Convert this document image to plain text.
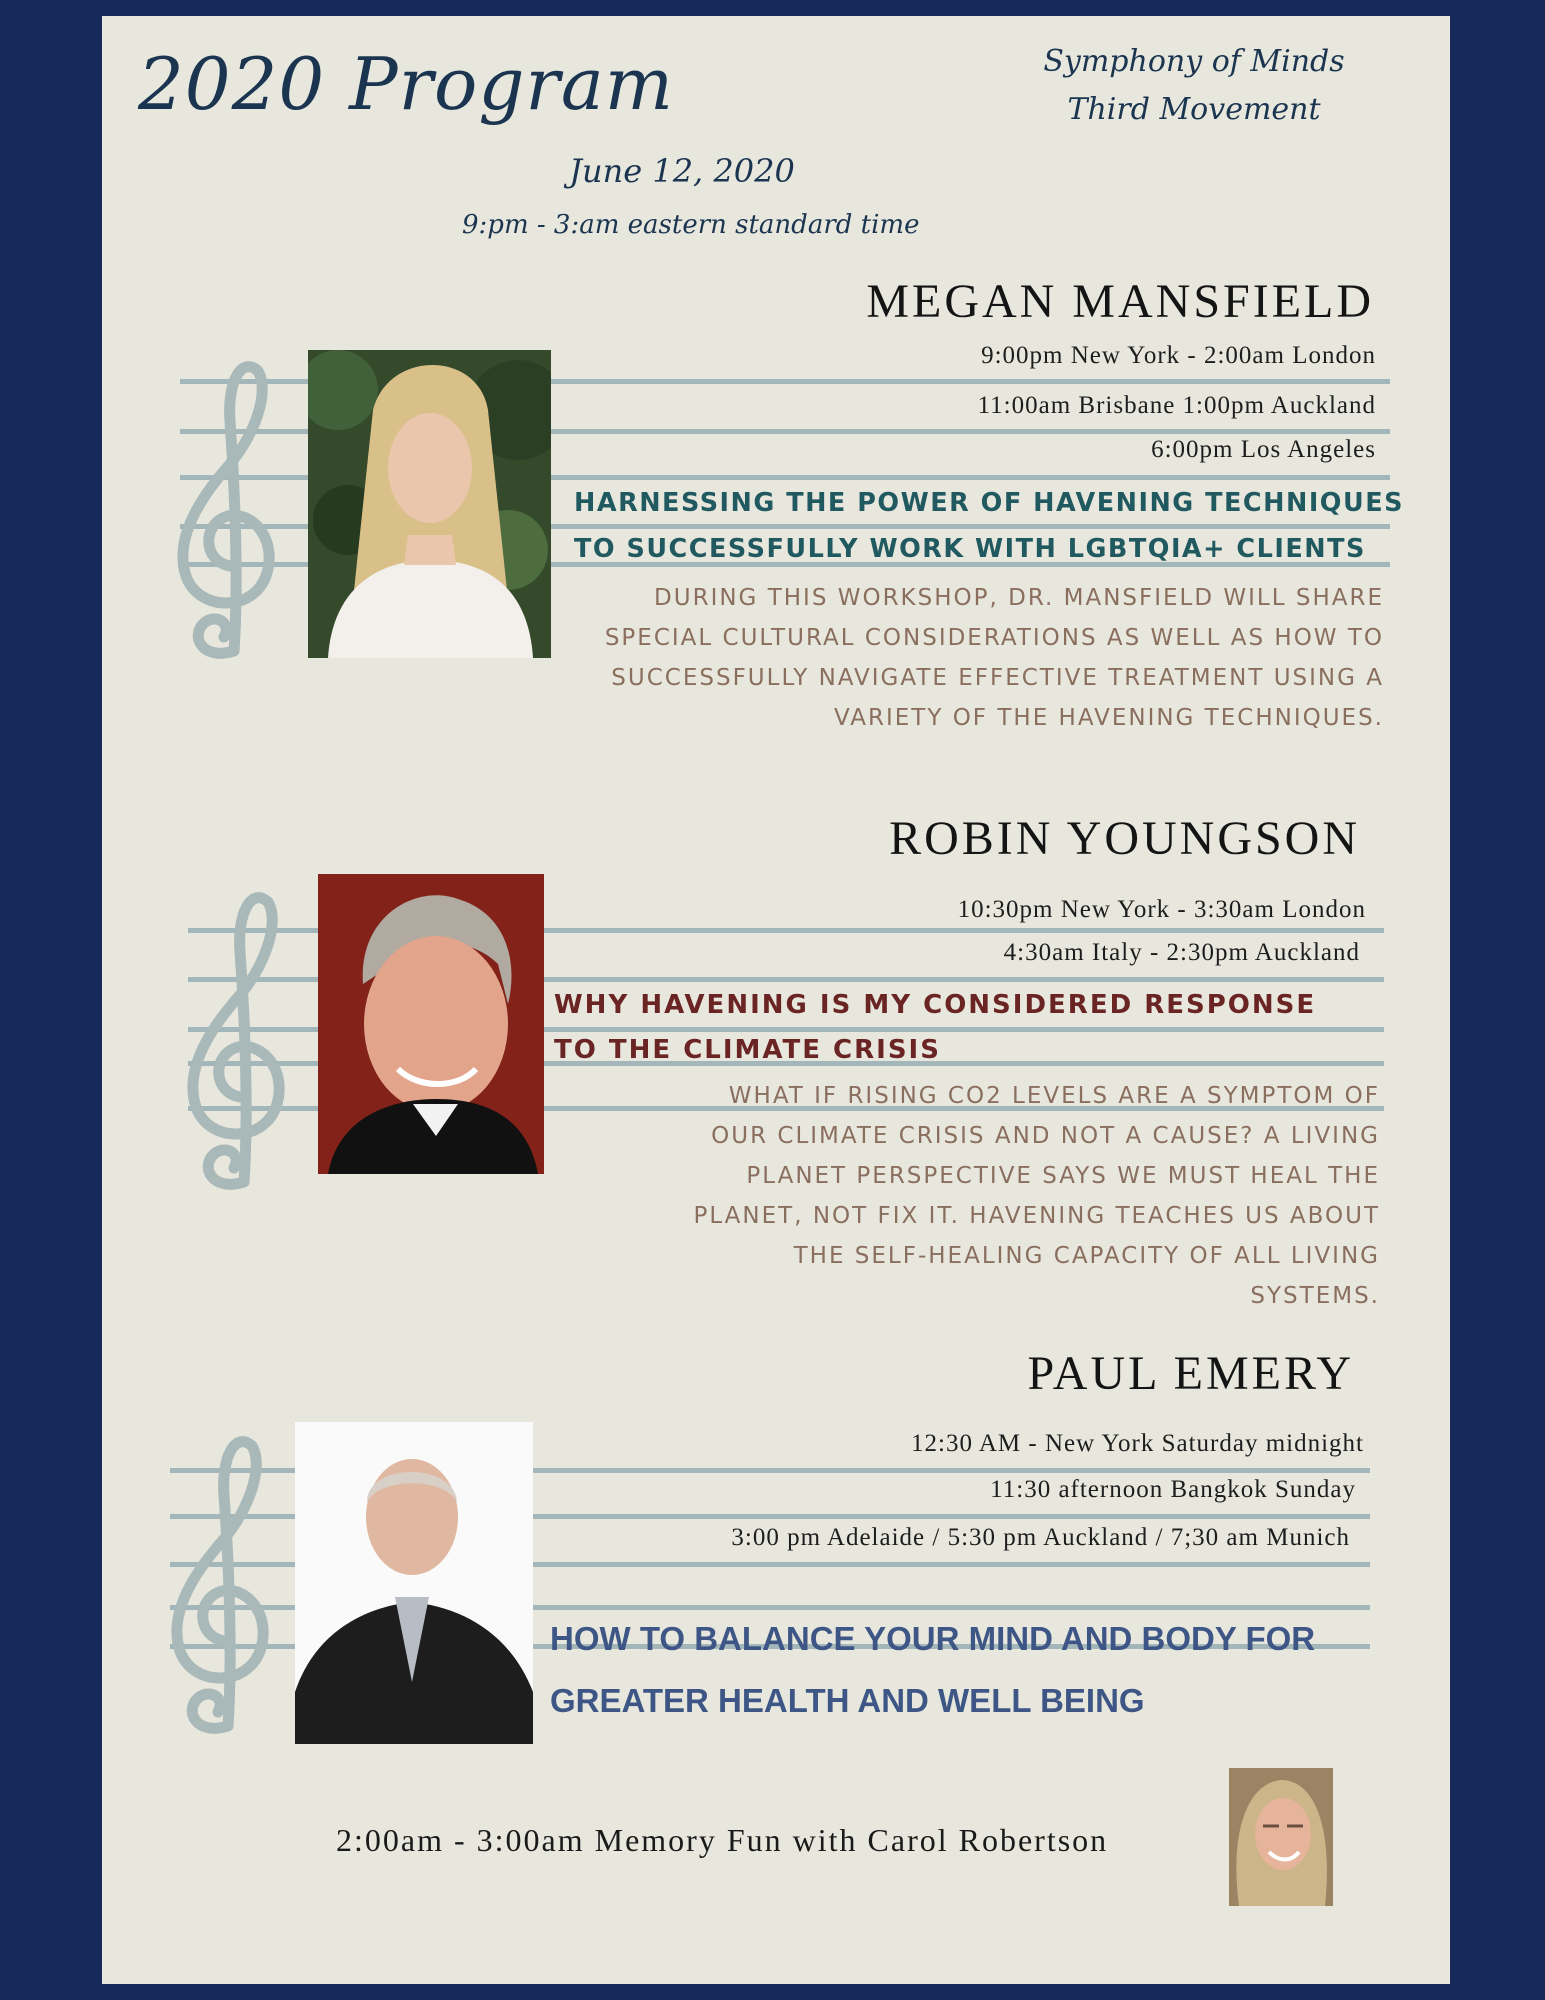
2020 Program	Symphony of Minds
Third Movement
June 12, 2020
9:pm - 3:am eastern standard time
MEGAN MANSFIELD
9:00pm New York - 2:00am London
11:00am Brisbane 1:00pm Auckland
6:00pm Los Angeles
HARNESSING THE POWER OF HAVENING TECHNIQUES
TO SUCCESSFULLY WORK WITH LGBTQIA+ CLIENTS
DURING THIS WORKSHOP, DR. MANSFIELD WILL SHARE
SPECIAL CULTURAL CONSIDERATIONS AS WELL AS HOW TO
SUCCESSFULLY NAVIGATE EFFECTIVE TREATMENT USING A
VARIETY OF THE HAVENING TECHNIQUES.
ROBIN YOUNGSON
10:30pm New York - 3:30am London
4:30am Italy - 2:30pm Auckland
WHY HAVENING IS MY CONSIDERED RESPONSE
TO THE CLIMATE CRISIS
WHAT IF RISING CO2 LEVELS ARE A SYMPTOM OF
OUR CLIMATE CRISIS AND NOT A CAUSE? A LIVING
PLANET PERSPECTIVE SAYS WE MUST HEAL THE
PLANET, NOT FIX IT. HAVENING TEACHES US ABOUT
THE SELF-HEALING CAPACITY OF ALL LIVING
SYSTEMS.
PAUL EMERY
12:30 AM - New York Saturday midnight
11:30 afternoon Bangkok Sunday
3:00 pm Adelaide / 5:30 pm Auckland / 7;30 am Munich
HOW TO BALANCE YOUR MIND AND BODY FOR
GREATER HEALTH AND WELL BEING
2:00am - 3:00am Memory Fun with Carol Robertson
